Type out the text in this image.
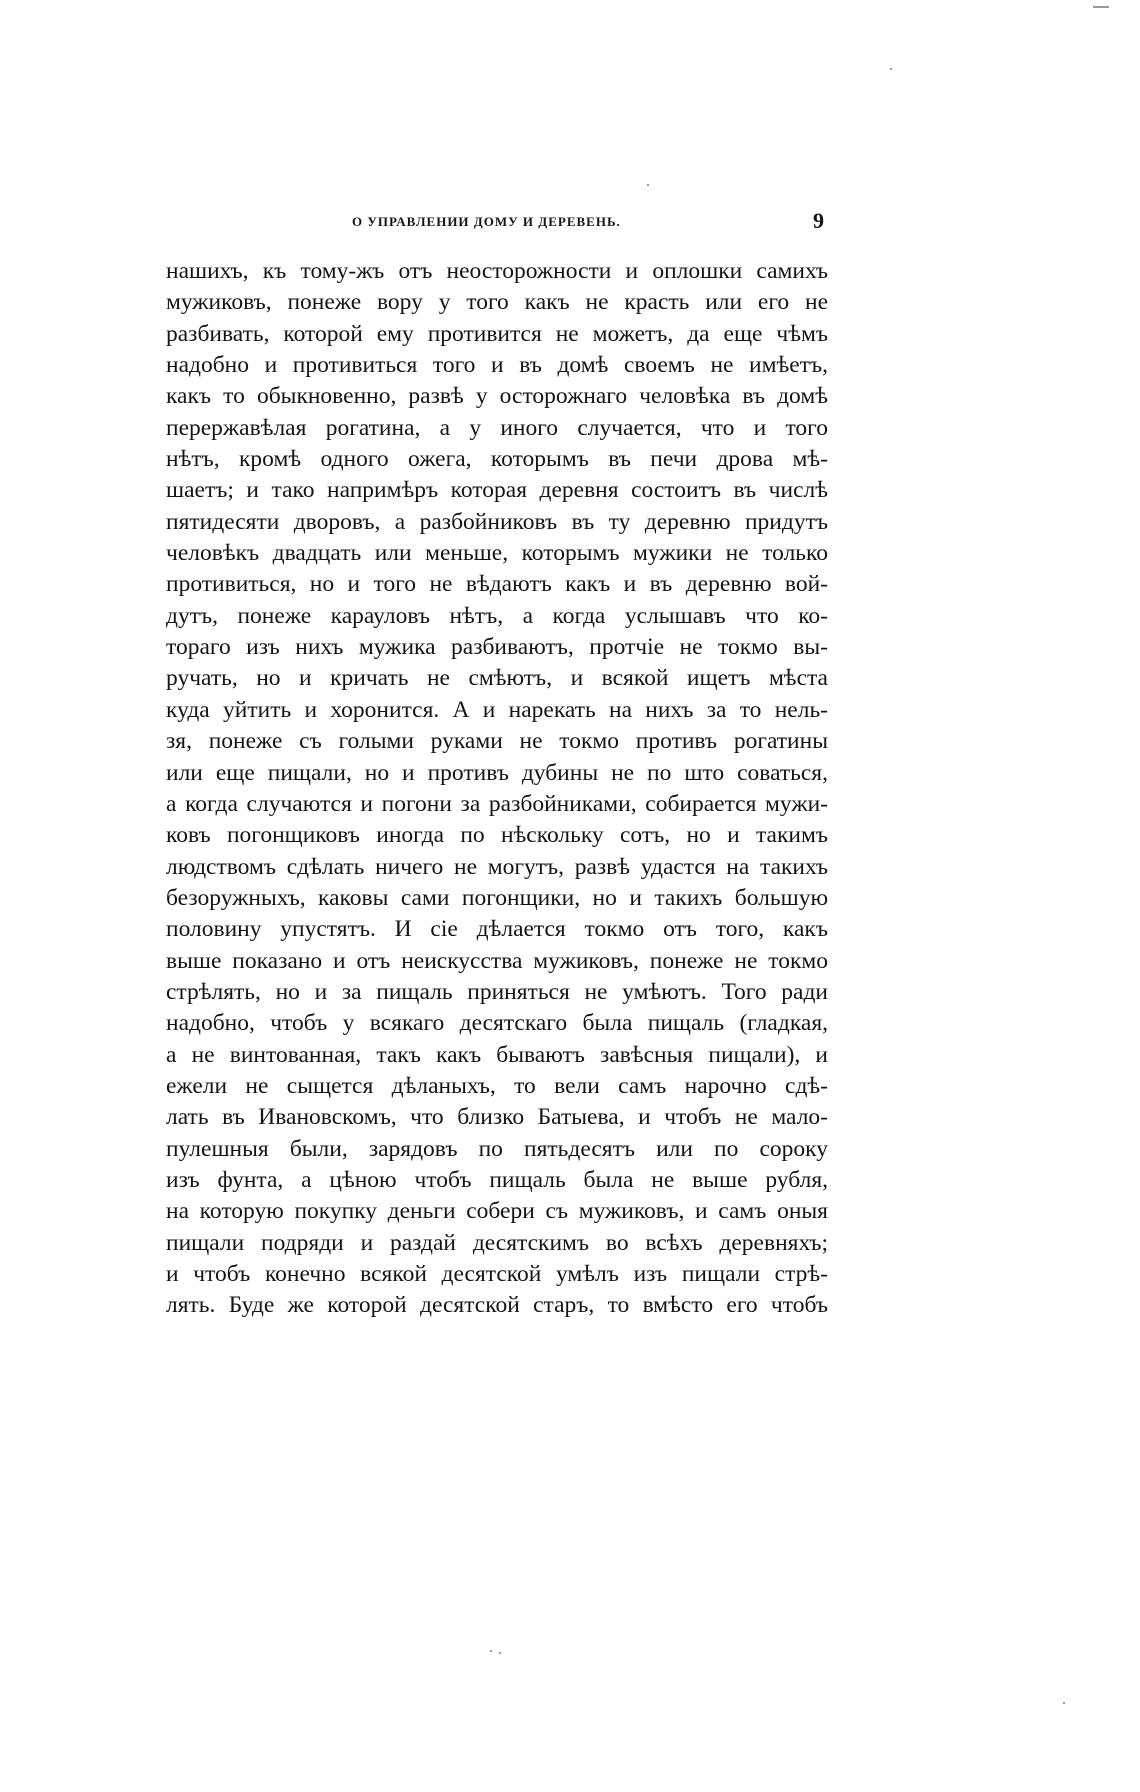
О УПРАВЛЕНИИ ДОМУ И ДЕРЕВЕНЬ.	9
нашихъ, къ тому-жъ отъ неосторожности и оплошки самихъ
мужиковъ, понеже вору у того какъ не красть или его не
разбивать, которой ему противится не можетъ, да еще чѣмъ
надобно и противиться того и въ домѣ своемъ не имѣетъ,
какъ то обыкновенно, развѣ у осторожнаго человѣка въ домѣ
перержавѣлая рогатина, а у иного случается, что и того
нѣтъ, кромѣ одного ожега, которымъ въ печи дрова мѣ-
шаетъ; и тако напримѣръ которая деревня состоитъ въ числѣ
пятидесяти дворовъ, а разбойниковъ въ ту деревню придутъ
человѣкъ двадцать или меньше, которымъ мужики не только
противиться, но и того не вѣдаютъ какъ и въ деревню вой-
дутъ, понеже карауловъ нѣтъ, а когда услышавъ что ко-
тораго изъ нихъ мужика разбиваютъ, протчіе не токмо вы-
ручать, но и кричать не смѣютъ, и всякой ищетъ мѣста
куда уйтить и хоронится. А и нарекать на нихъ за то нель-
зя, понеже съ голыми руками не токмо противъ рогатины
или еще пищали, но и противъ дубины не по што соваться,
а когда случаются и погони за разбойниками, собирается мужи-
ковъ погонщиковъ иногда по нѣскольку сотъ, но и такимъ
людствомъ сдѣлать ничего не могутъ, развѣ удастся на такихъ
безоружныхъ, каковы сами погонщики, но и такихъ большую
половину упустятъ. И сіе дѣлается токмо отъ того, какъ
выше показано и отъ неискусства мужиковъ, понеже не токмо
стрѣлять, но и за пищаль приняться не умѣютъ. Того ради
надобно, чтобъ у всякаго десятскаго была пищаль (гладкая,
а не винтованная, такъ какъ бываютъ завѣсныя пищали), и
ежели не сыщется дѣланыхъ, то вели самъ нарочно сдѣ-
лать въ Ивановскомъ, что близко Батыева, и чтобъ не мало-
пулешныя были, зарядовъ по пятьдесятъ или по сороку
изъ фунта, а цѣною чтобъ пищаль была не выше рубля,
на которую покупку деньги собери съ мужиковъ, и самъ оныя
пищали подряди и раздай десятскимъ во всѣхъ деревняхъ;
и чтобъ конечно всякой десятской умѣлъ изъ пищали стрѣ-
лять. Буде же которой десятской старъ, то вмѣсто его чтобъ
